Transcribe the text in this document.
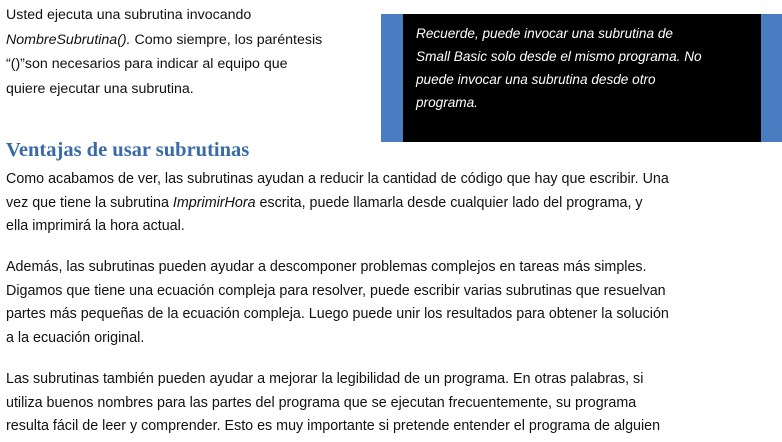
Usted ejecuta una subrutina invocando
NombreSubrutina(). Como siempre, los paréntesis
“()”son necesarios para indicar al equipo que
quiere ejecutar una subrutina.
Recuerde, puede invocar una subrutina de
Small Basic solo desde el mismo programa. No
puede invocar una subrutina desde otro
programa.
Ventajas de usar subrutinas

Como acabamos de ver, las subrutinas ayudan a reducir la cantidad de código que hay que escribir. Una
vez que tiene la subrutina ImprimirHora escrita, puede llamarla desde cualquier lado del programa, y
ella imprimirá la hora actual.

Además, las subrutinas pueden ayudar a descomponer problemas complejos en tareas más simples.
Digamos que tiene una ecuación compleja para resolver, puede escribir varias subrutinas que resuelvan
partes más pequeñas de la ecuación compleja. Luego puede unir los resultados para obtener la solución
a la ecuación original.

Las subrutinas también pueden ayudar a mejorar la legibilidad de un programa. En otras palabras, si
utiliza buenos nombres para las partes del programa que se ejecutan frecuentemente, su programa
resulta fácil de leer y comprender. Esto es muy importante si pretende entender el programa de alguien
